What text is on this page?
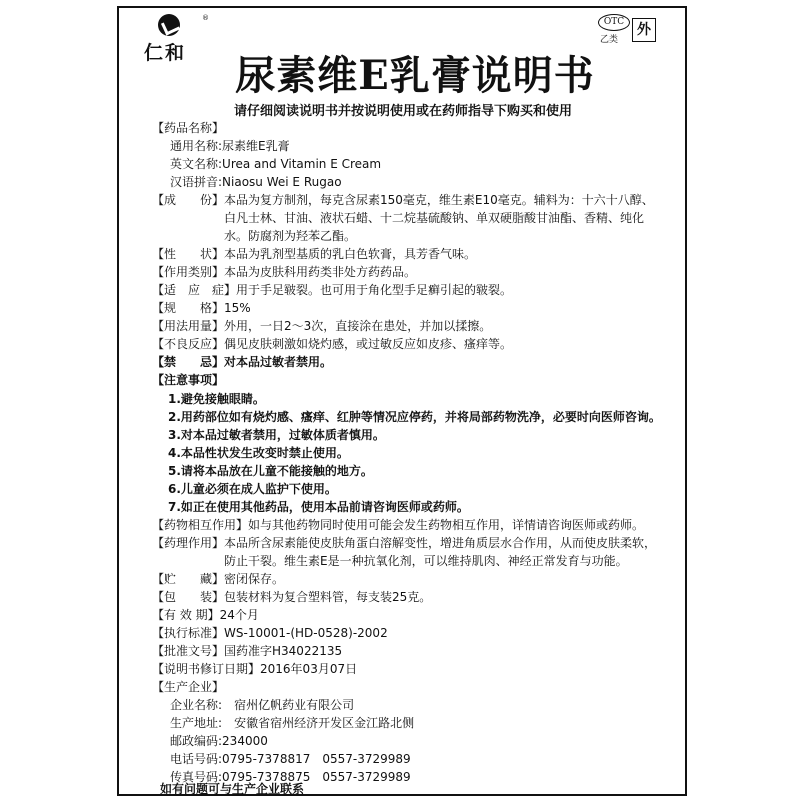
®
仁和
OTC
乙类
外
尿素维E乳膏说明书
请仔细阅读说明书并按说明使用或在药师指导下购买和使用
【药品名称】
通用名称:尿素维E乳膏
英文名称:Urea and Vitamin E Cream
汉语拼音:Niaosu Wei E Rugao
【成　　份】本品为复方制剂，每克含尿素150毫克，维生素E10毫克。辅料为：十六十八醇、
白凡士林、甘油、液状石蜡、十二烷基硫酸钠、单双硬脂酸甘油酯、香精、纯化
水。防腐剂为羟苯乙酯。
【性　　状】本品为乳剂型基质的乳白色软膏，具芳香气味。
【作用类别】本品为皮肤科用药类非处方药药品。
【适　应　症】用于手足皲裂。也可用于角化型手足癣引起的皲裂。
【规　　格】15%
【用法用量】外用，一日2～3次，直接涂在患处，并加以揉擦。
【不良反应】偶见皮肤刺激如烧灼感，或过敏反应如皮疹、瘙痒等。
【禁　　忌】对本品过敏者禁用。
【注意事项】
1.避免接触眼睛。
2.用药部位如有烧灼感、瘙痒、红肿等情况应停药，并将局部药物洗净，必要时向医师咨询。
3.对本品过敏者禁用，过敏体质者慎用。
4.本品性状发生改变时禁止使用。
5.请将本品放在儿童不能接触的地方。
6.儿童必须在成人监护下使用。
7.如正在使用其他药品，使用本品前请咨询医师或药师。
【药物相互作用】如与其他药物同时使用可能会发生药物相互作用，详情请咨询医师或药师。
【药理作用】本品所含尿素能使皮肤角蛋白溶解变性，增进角质层水合作用，从而使皮肤柔软，
防止干裂。维生素E是一种抗氧化剂，可以维持肌肉、神经正常发育与功能。
【贮　　藏】密闭保存。
【包　　装】包装材料为复合塑料管，每支装25克。
【有 效 期】24个月
【执行标准】WS-10001-(HD-0528)-2002
【批准文号】国药准字H34022135
【说明书修订日期】2016年03月07日
【生产企业】
企业名称:　 宿州亿帆药业有限公司
生产地址:　 安徽省宿州经济开发区金江路北侧
邮政编码:234000
电话号码:0795-7378817　0557-3729989
传真号码:0795-7378875　0557-3729989
如有问题可与生产企业联系
